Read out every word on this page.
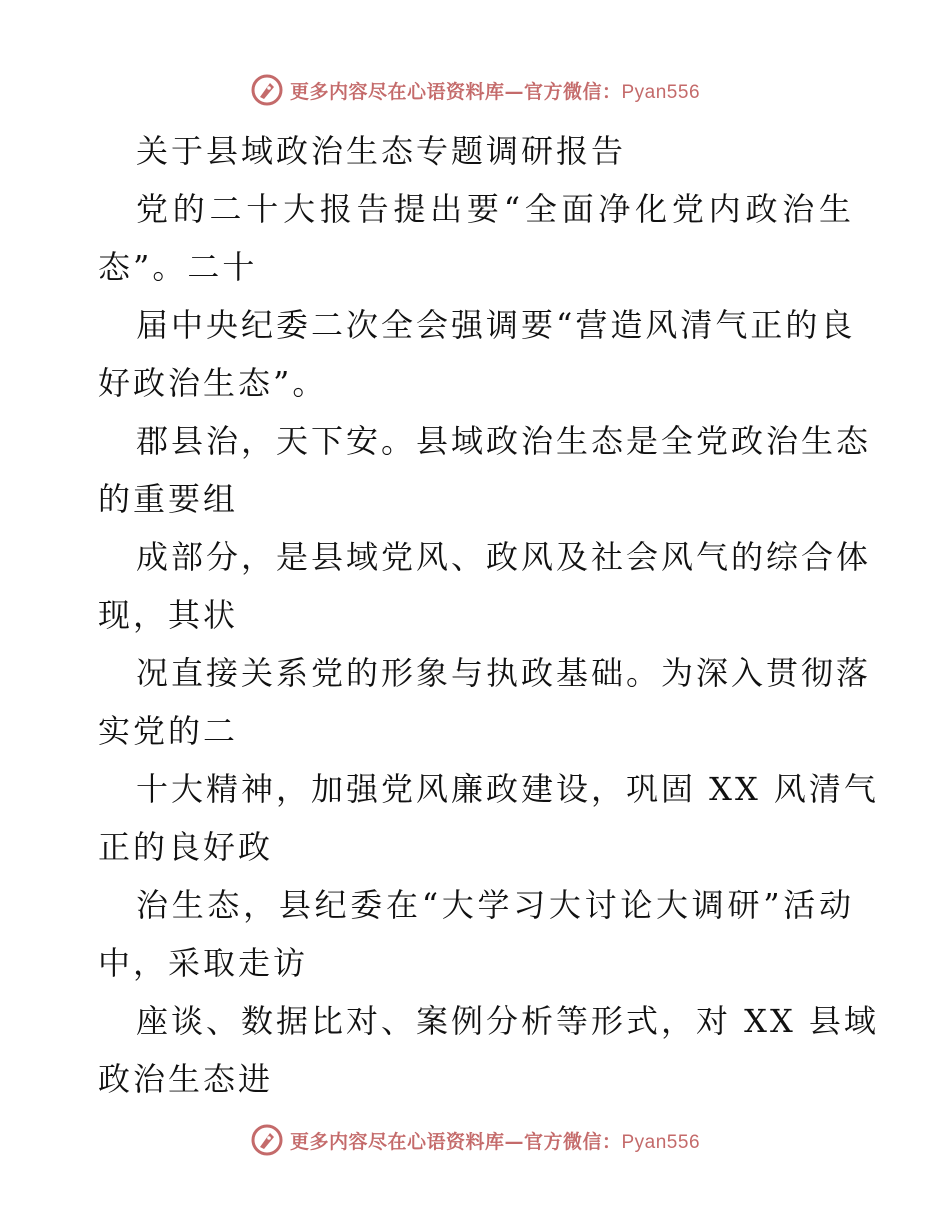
更多内容尽在心语资料库—官方微信：Pyan556
关于县域政治生态专题调研报告
党的二十大报告提出要“全面净化党内政治生
态”。二十
届中央纪委二次全会强调要“营造风清气正的良
好政治生态”。
郡县治，天下安。县域政治生态是全党政治生态
的重要组
成部分，是县域党风、政风及社会风气的综合体
现，其状
况直接关系党的形象与执政基础。为深入贯彻落
实党的二
十大精神，加强党风廉政建设，巩固 XX 风清气
正的良好政
治生态，县纪委在“大学习大讨论大调研”活动
中，采取走访
座谈、数据比对、案例分析等形式，对 XX 县域
政治生态进
更多内容尽在心语资料库—官方微信：Pyan556
